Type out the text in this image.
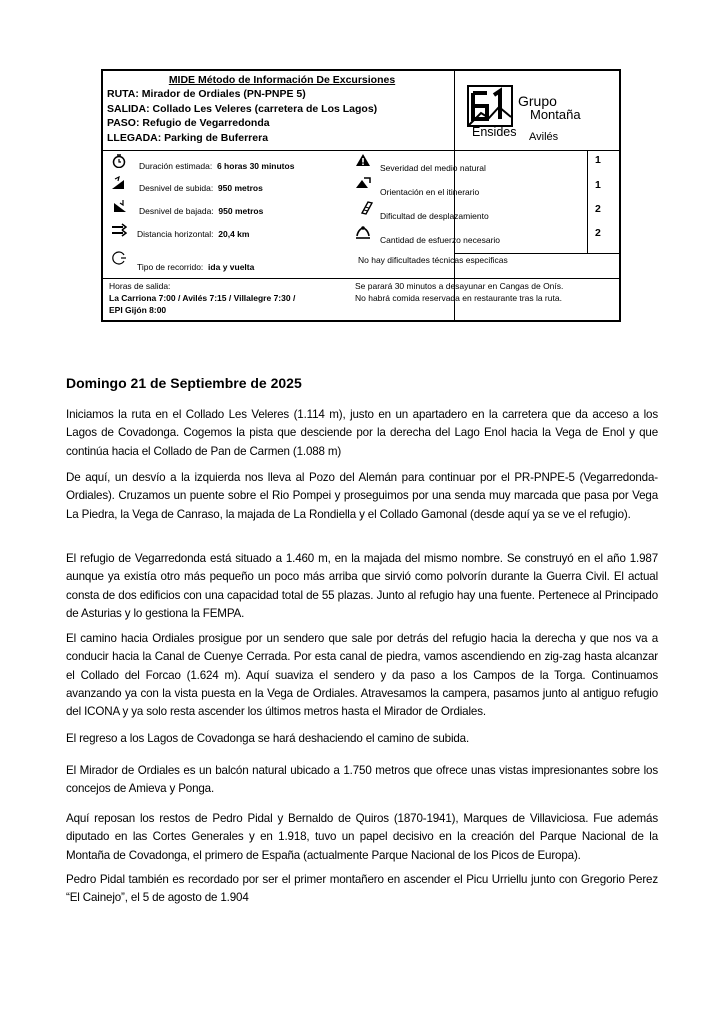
MIDE Método de Información De Excursiones
RUTA: Mirador de Ordiales (PN-PNPE 5)
SALIDA: Collado Les Veleres (carretera de Los Lagos)
PASO: Refugio de Vegarredonda
LLEGADA: Parking de Buferrera
Grupo
Montaña
Ensides Avilés
Duración estimada: 6 horas 30 minutos
Desnivel de subida: 950 metros
Desnivel de bajada: 950 metros
Distancia horizontal: 20,4 km
Tipo de recorrido: ida y vuelta
Severidad del medio natural
1
Orientación en el itinerario
1
Dificultad de desplazamiento
2
Cantidad de esfuerzo necesario
2
No hay dificultades técnicas especificas
Horas de salida:
La Carriona 7:00 / Avilés 7:15 / Villalegre 7:30 /
EPI Gijón 8:00
Se parará 30 minutos a desayunar en Cangas de Onís.
No habrá comida reservada en restaurante tras la ruta.
Domingo 21 de Septiembre de 2025

Iniciamos la ruta en el Collado Les Veleres (1.114 m), justo en un apartadero en la carretera que da acceso a los Lagos de Covadonga. Cogemos la pista que desciende por la derecha del Lago Enol hacia la Vega de Enol y que continúa hacia el Collado de Pan de Carmen (1.088 m)

De aquí, un desvío a la izquierda nos lleva al Pozo del Alemán para continuar por el PR-PNPE-5 (Vegarredonda-Ordiales). Cruzamos un puente sobre el Rio Pompei y proseguimos por una senda muy marcada que pasa por Vega La Piedra, la Vega de Canraso, la majada de La Rondiella y el Collado Gamonal (desde aquí ya se ve el refugio).

El refugio de Vegarredonda está situado a 1.460 m, en la majada del mismo nombre. Se construyó en el año 1.987 aunque ya existía otro más pequeño un poco más arriba que sirvió como polvorín durante la Guerra Civil. El actual consta de dos edificios con una capacidad total de 55 plazas. Junto al refugio hay una fuente. Pertenece al Principado de Asturias y lo gestiona la FEMPA.

El camino hacia Ordiales prosigue por un sendero que sale por detrás del refugio hacia la derecha y que nos va a conducir hacia la Canal de Cuenye Cerrada. Por esta canal de piedra, vamos ascendiendo en zig-zag hasta alcanzar el Collado del Forcao (1.624 m). Aquí suaviza el sendero y da paso a los Campos de la Torga. Continuamos avanzando ya con la vista puesta en la Vega de Ordiales. Atravesamos la campera, pasamos junto al antiguo refugio del ICONA y ya solo resta ascender los últimos metros hasta el Mirador de Ordiales.

El regreso a los Lagos de Covadonga se hará deshaciendo el camino de subida.

El Mirador de Ordiales es un balcón natural ubicado a 1.750 metros que ofrece unas vistas impresionantes sobre los concejos de Amieva y Ponga.

Aquí reposan los restos de Pedro Pidal y Bernaldo de Quiros (1870-1941), Marques de Villaviciosa. Fue además diputado en las Cortes Generales y en 1.918, tuvo un papel decisivo en la creación del Parque Nacional de la Montaña de Covadonga, el primero de España (actualmente Parque Nacional de los Picos de Europa).

Pedro Pidal también es recordado por ser el primer montañero en ascender el Picu Urriellu junto con Gregorio Perez “El Cainejo”, el 5 de agosto de 1.904
